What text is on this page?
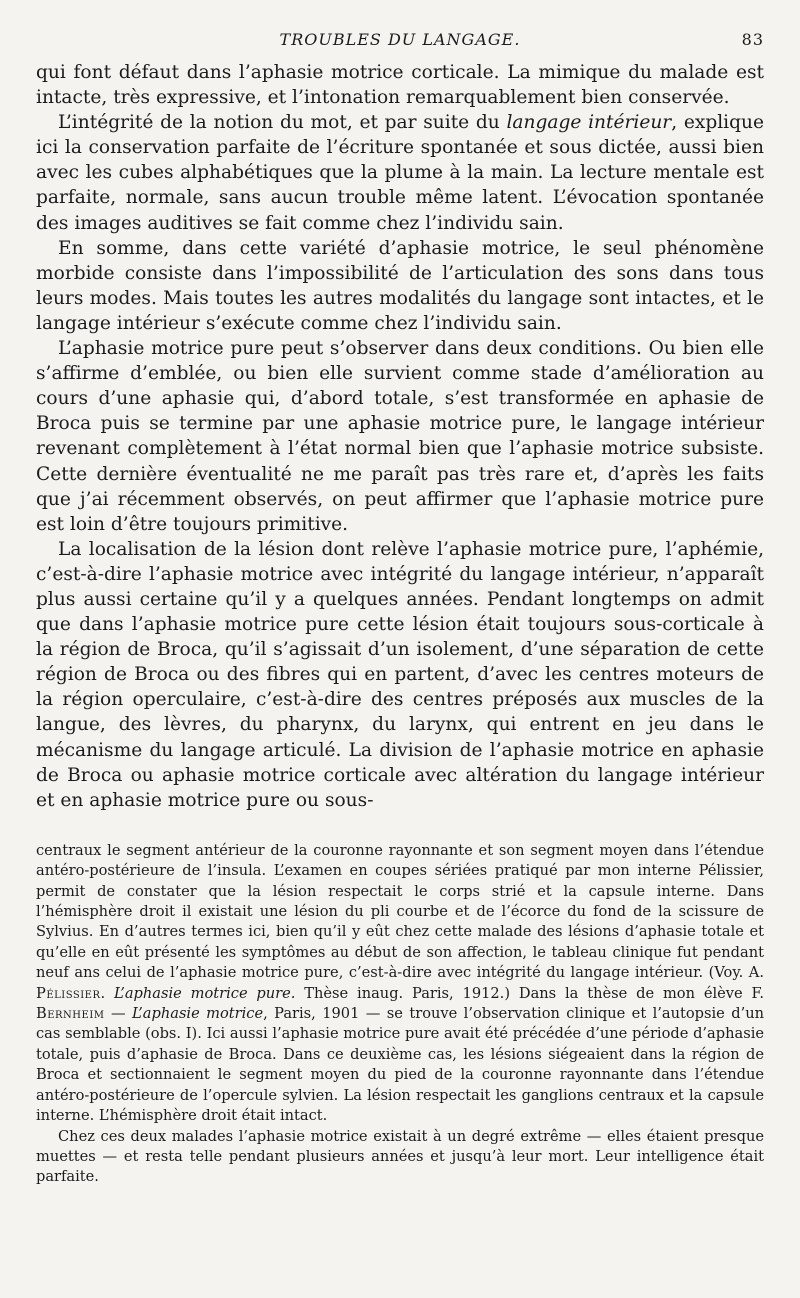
TROUBLES DU LANGAGE.	83

qui font défaut dans l’aphasie motrice corticale. La mimique du malade est intacte, très expressive, et l’intonation remarquablement bien conservée.

L’intégrité de la notion du mot, et par suite du langage intérieur, explique ici la conservation parfaite de l’écriture spontanée et sous dictée, aussi bien avec les cubes alphabétiques que la plume à la main. La lecture mentale est parfaite, normale, sans aucun trouble même latent. L’évocation spontanée des images auditives se fait comme chez l’individu sain.

En somme, dans cette variété d’aphasie motrice, le seul phénomène morbide consiste dans l’impossibilité de l’articulation des sons dans tous leurs modes. Mais toutes les autres modalités du langage sont intactes, et le langage intérieur s’exécute comme chez l’individu sain.

L’aphasie motrice pure peut s’observer dans deux conditions. Ou bien elle s’affirme d’emblée, ou bien elle survient comme stade d’amélioration au cours d’une aphasie qui, d’abord totale, s’est transformée en aphasie de Broca puis se termine par une aphasie motrice pure, le langage intérieur revenant complètement à l’état normal bien que l’aphasie motrice subsiste. Cette dernière éventualité ne me paraît pas très rare et, d’après les faits que j’ai récemment observés, on peut affirmer que l’aphasie motrice pure est loin d’être toujours primitive.

La localisation de la lésion dont relève l’aphasie motrice pure, l’aphémie, c’est-à-dire l’aphasie motrice avec intégrité du langage intérieur, n’apparaît plus aussi certaine qu’il y a quelques années. Pendant longtemps on admit que dans l’aphasie motrice pure cette lésion était toujours sous-corticale à la région de Broca, qu’il s’agissait d’un isolement, d’une séparation de cette région de Broca ou des fibres qui en partent, d’avec les centres moteurs de la région operculaire, c’est-à-dire des centres préposés aux muscles de la langue, des lèvres, du pharynx, du larynx, qui entrent en jeu dans le mécanisme du langage articulé. La division de l’aphasie motrice en aphasie de Broca ou aphasie motrice corticale avec altération du langage intérieur et en aphasie motrice pure ou sous-

centraux le segment antérieur de la couronne rayonnante et son segment moyen dans l’étendue antéro-postérieure de l’insula. L’examen en coupes sériées pratiqué par mon interne Pélissier, permit de constater que la lésion respectait le corps strié et la capsule interne. Dans l’hémisphère droit il existait une lésion du pli courbe et de l’écorce du fond de la scissure de Sylvius. En d’autres termes ici, bien qu’il y eût chez cette malade des lésions d’aphasie totale et qu’elle en eût présenté les symptômes au début de son affection, le tableau clinique fut pendant neuf ans celui de l’aphasie motrice pure, c’est-à-dire avec intégrité du langage intérieur. (Voy. A. Pélissier. L’aphasie motrice pure. Thèse inaug. Paris, 1912.) Dans la thèse de mon élève F. Bernheim — L’aphasie motrice, Paris, 1901 — se trouve l’observation clinique et l’autopsie d’un cas semblable (obs. I). Ici aussi l’aphasie motrice pure avait été précédée d’une période d’aphasie totale, puis d’aphasie de Broca. Dans ce deuxième cas, les lésions siégeaient dans la région de Broca et sectionnaient le segment moyen du pied de la couronne rayonnante dans l’étendue antéro-postérieure de l’opercule sylvien. La lésion respectait les ganglions centraux et la capsule interne. L’hémisphère droit était intact.

Chez ces deux malades l’aphasie motrice existait à un degré extrême — elles étaient presque muettes — et resta telle pendant plusieurs années et jusqu’à leur mort. Leur intelligence était parfaite.
